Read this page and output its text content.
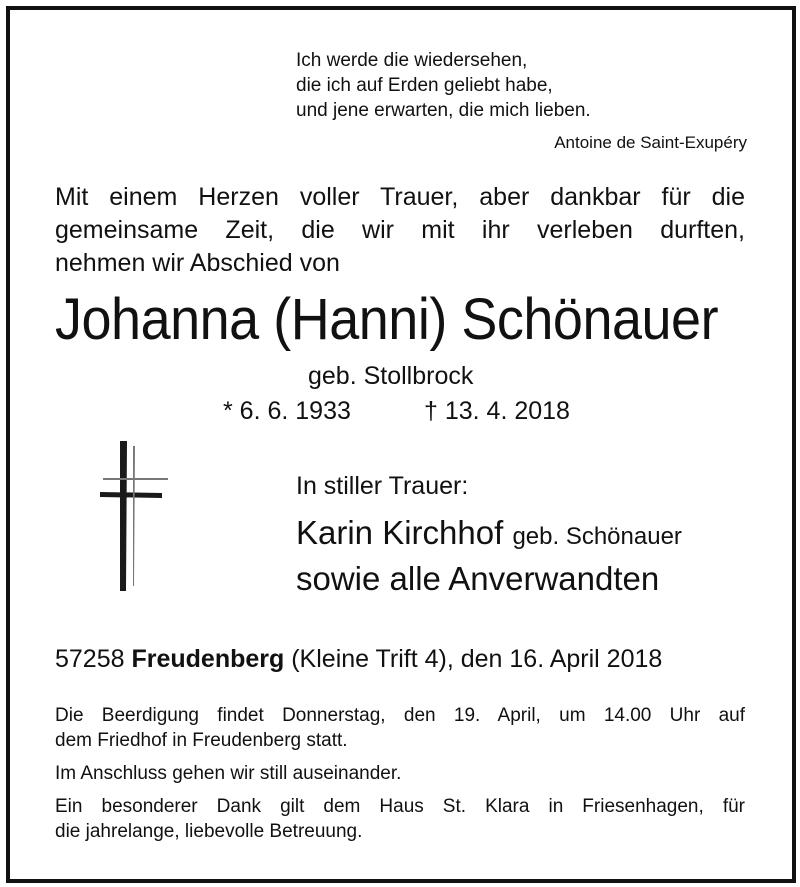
Ich werde die wiedersehen,
die ich auf Erden geliebt habe,
und jene erwarten, die mich lieben.
Antoine de Saint-Exupéry
Mit einem Herzen voller Trauer, aber dankbar für die
gemeinsame Zeit, die wir mit ihr verleben durften,
nehmen wir Abschied von
Johanna (Hanni) Schönauer
geb. Stollbrock
* 6. 6. 1933	† 13. 4. 2018
In stiller Trauer:
Karin Kirchhof geb. Schönauer
sowie alle Anverwandten
57258 Freudenberg (Kleine Trift 4), den 16. April 2018
Die Beerdigung findet Donnerstag, den 19. April, um 14.00 Uhr auf
dem Friedhof in Freudenberg statt.
Im Anschluss gehen wir still auseinander.
Ein besonderer Dank gilt dem Haus St. Klara in Friesenhagen, für
die jahrelange, liebevolle Betreuung.
